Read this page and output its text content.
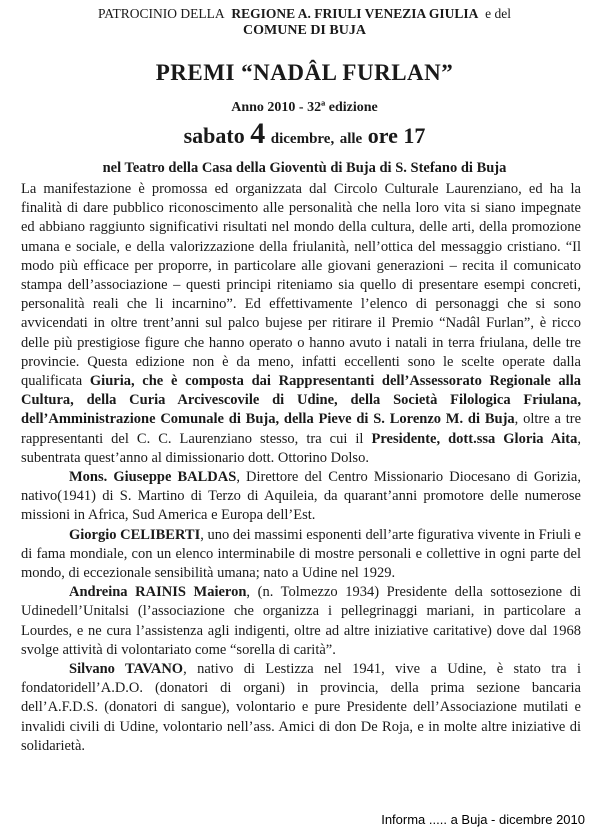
PATROCINIO DELLA REGIONE A. FRIULI VENEZIA GIULIA e del
COMUNE DI BUJA
PREMI “NADÂL FURLAN”
Anno 2010 - 32ª edizione
sabato 4 dicembre, alle ore 17
nel Teatro della Casa della Gioventù di Buja di S. Stefano di Buja

La manifestazione è promossa ed organizzata dal Circolo Culturale Laurenziano, ed ha la finalità di dare pubblico riconoscimento alle personalità che nella loro vita si siano impegnate ed abbiano raggiunto significativi risultati nel mondo della cultura, delle arti, della promozione umana e sociale, e della valorizzazione della friulanità, nell’ottica del messaggio cristiano. “Il modo più efficace per proporre, in particolare alle giovani generazioni – recita il comunicato stampa dell’associazione – questi principi riteniamo sia quello di presentare esempi concreti, personalità reali che li incarnino”. Ed effettivamente l’elenco di personaggi che si sono avvicendati in oltre trent’anni sul palco bujese per ritirare il Premio “Nadâl Furlan”, è ricco delle più prestigiose figure che hanno operato o hanno avuto i natali in terra friulana, delle tre provincie. Questa edizione non è da meno, infatti eccellenti sono le scelte operate dalla qualificata Giuria, che è composta dai Rappresentanti dell’Assessorato Regionale alla Cultura, della Curia Arcivescovile di Udine, della Società Filologica Friulana, dell’Amministrazione Comunale di Buja, della Pieve di S. Lorenzo M. di Buja, oltre a tre rappresentanti del C. C. Laurenziano stesso, tra cui il Presidente, dott.ssa Gloria Aita, subentrata quest’anno al dimissionario dott. Ottorino Dolso.

Mons. Giuseppe BALDAS, Direttore del Centro Missionario Diocesano di Gorizia, nativo(1941) di S. Martino di Terzo di Aquileia, da quarant’anni promotore delle numerose missioni in Africa, Sud America e Europa dell’Est.

Giorgio CELIBERTI, uno dei massimi esponenti dell’arte figurativa vivente in Friuli e di fama mondiale, con un elenco interminabile di mostre personali e collettive in ogni parte del mondo, di eccezionale sensibilità umana; nato a Udine nel 1929.

Andreina RAINIS Maieron, (n. Tolmezzo 1934) Presidente della sottosezione di Udinedell’Unitalsi (l’associazione che organizza i pellegrinaggi mariani, in particolare a Lourdes, e ne cura l’assistenza agli indigenti, oltre ad altre iniziative caritative) dove dal 1968 svolge attività di volontariato come “sorella di carità”.

Silvano TAVANO, nativo di Lestizza nel 1941, vive a Udine, è stato tra i fondatoridell’A.D.O. (donatori di organi) in provincia, della prima sezione bancaria dell’A.F.D.S. (donatori di sangue), volontario e pure Presidente dell’Associazione mutilati e invalidi civili di Udine, volontario nell’ass. Amici di don De Roja, e in molte altre iniziative di solidarietà.

Informa ..... a Buja - dicembre 2010
